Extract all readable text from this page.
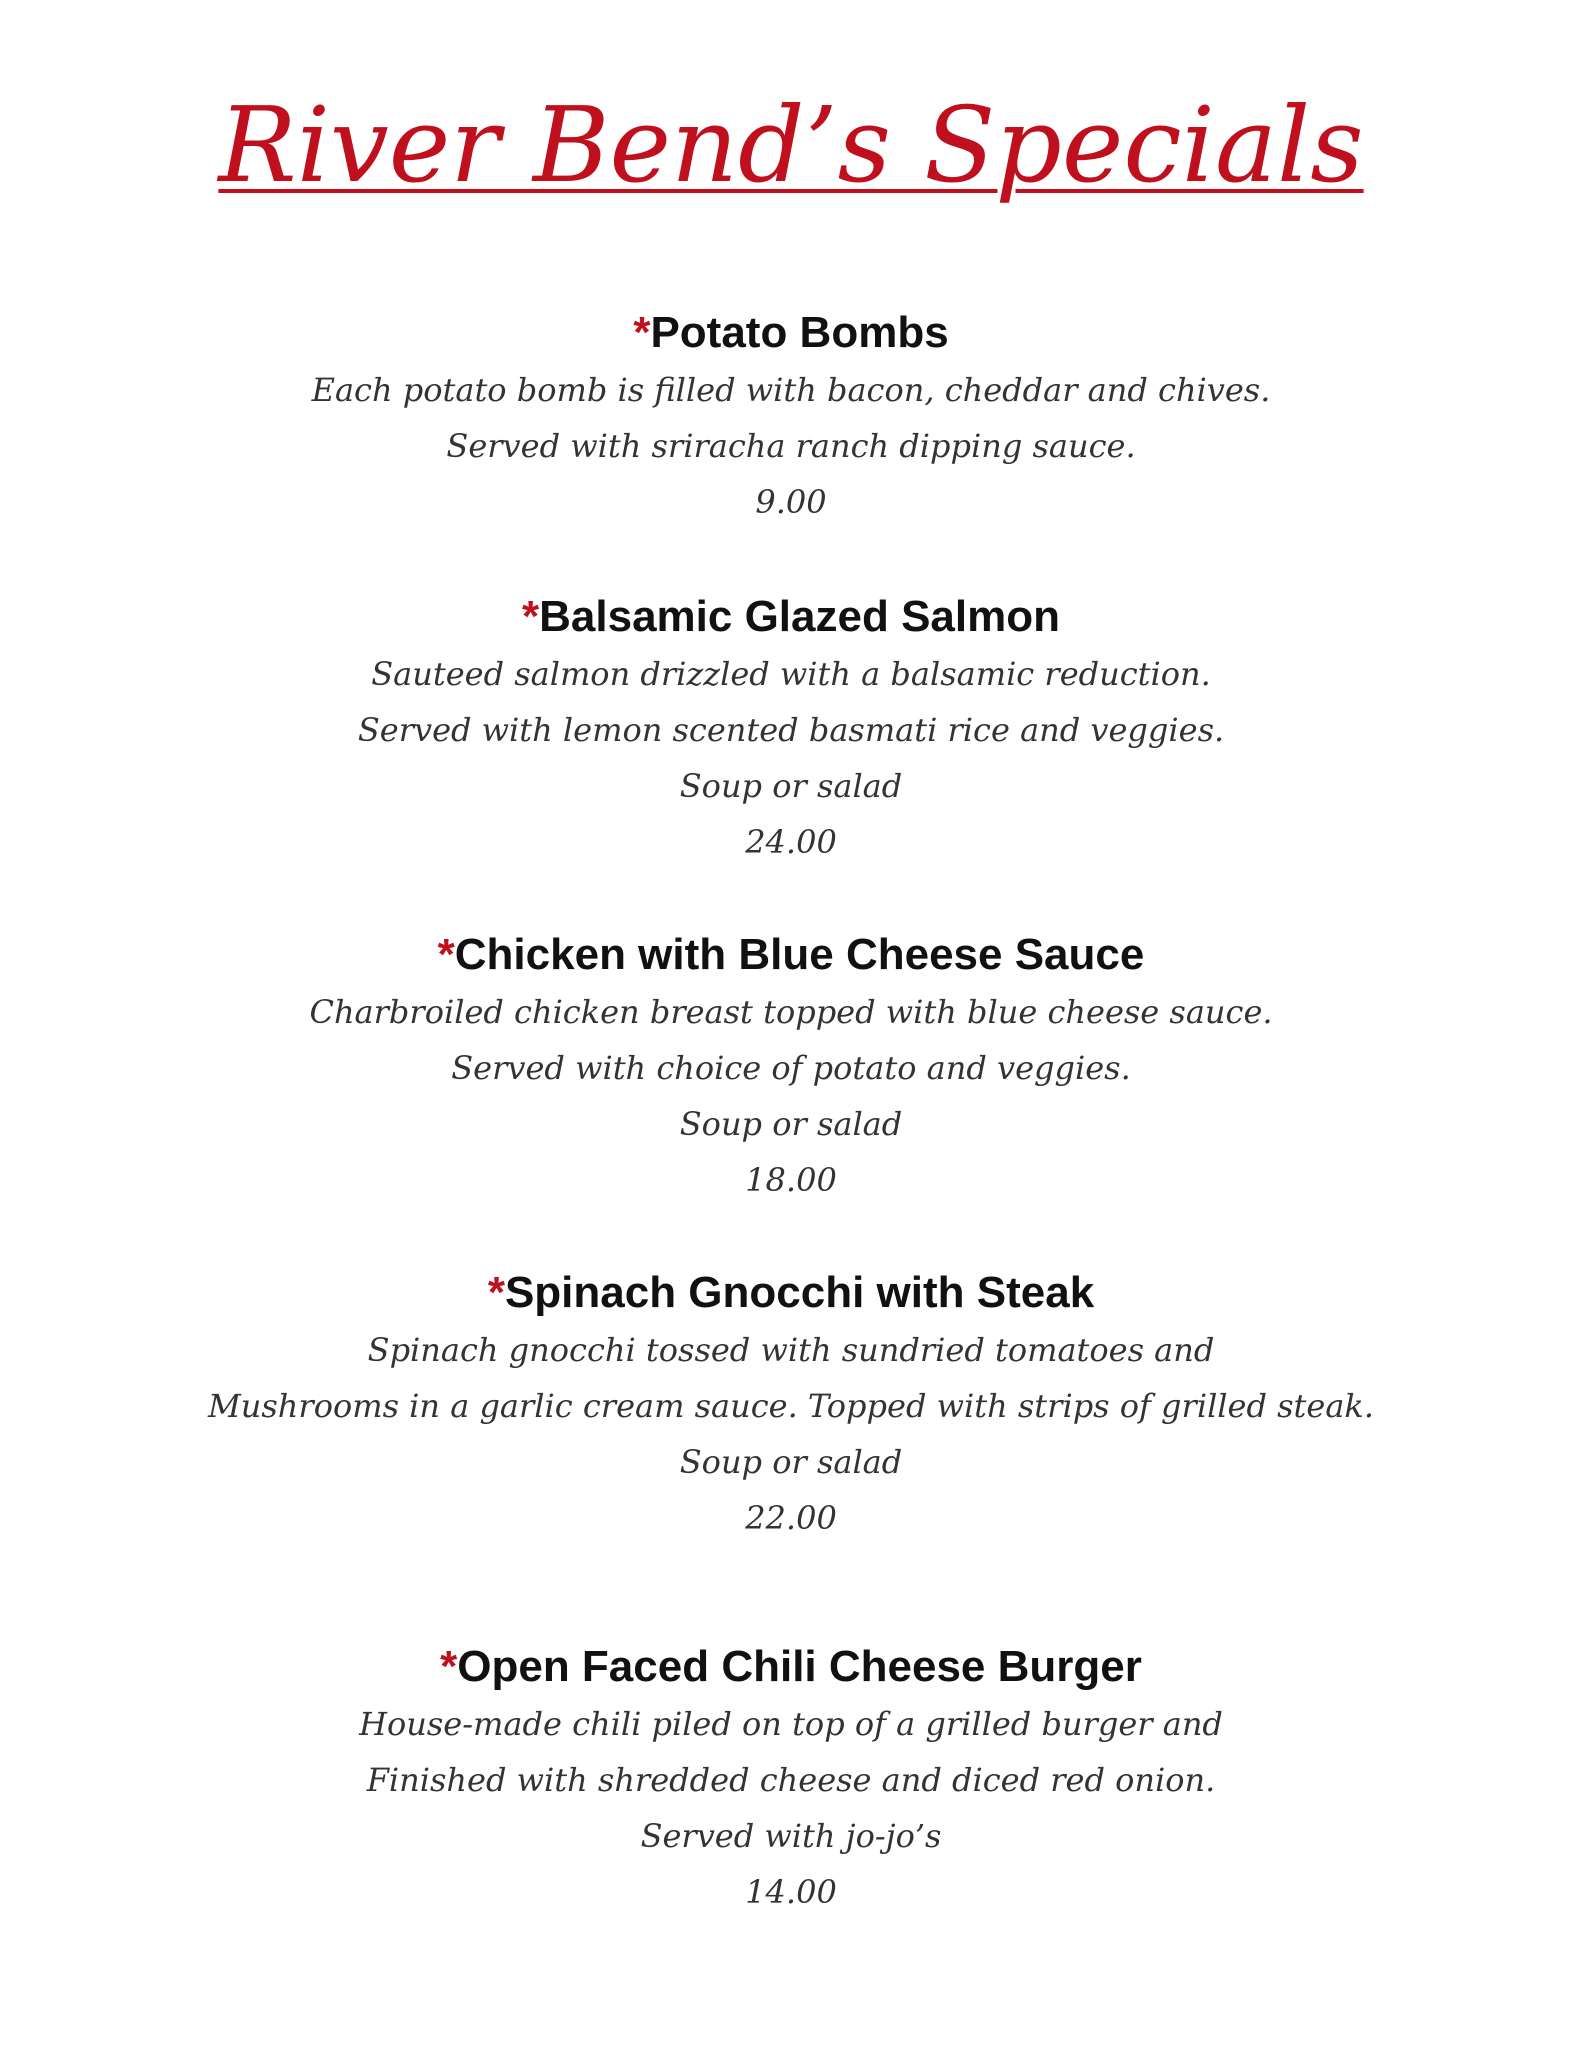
River Bend’s Specials

*Potato Bombs

Each potato bomb is filled with bacon, cheddar and chives.

Served with sriracha ranch dipping sauce.

9.00

*Balsamic Glazed Salmon

Sauteed salmon drizzled with a balsamic reduction.

Served with lemon scented basmati rice and veggies.

Soup or salad

24.00

*Chicken with Blue Cheese Sauce

Charbroiled chicken breast topped with blue cheese sauce.

Served with choice of potato and veggies.

Soup or salad

18.00

*Spinach Gnocchi with Steak

Spinach gnocchi tossed with sundried tomatoes and

Mushrooms in a garlic cream sauce. Topped with strips of grilled steak.

Soup or salad

22.00

*Open Faced Chili Cheese Burger

House-made chili piled on top of a grilled burger and

Finished with shredded cheese and diced red onion.

Served with jo-jo’s

14.00
